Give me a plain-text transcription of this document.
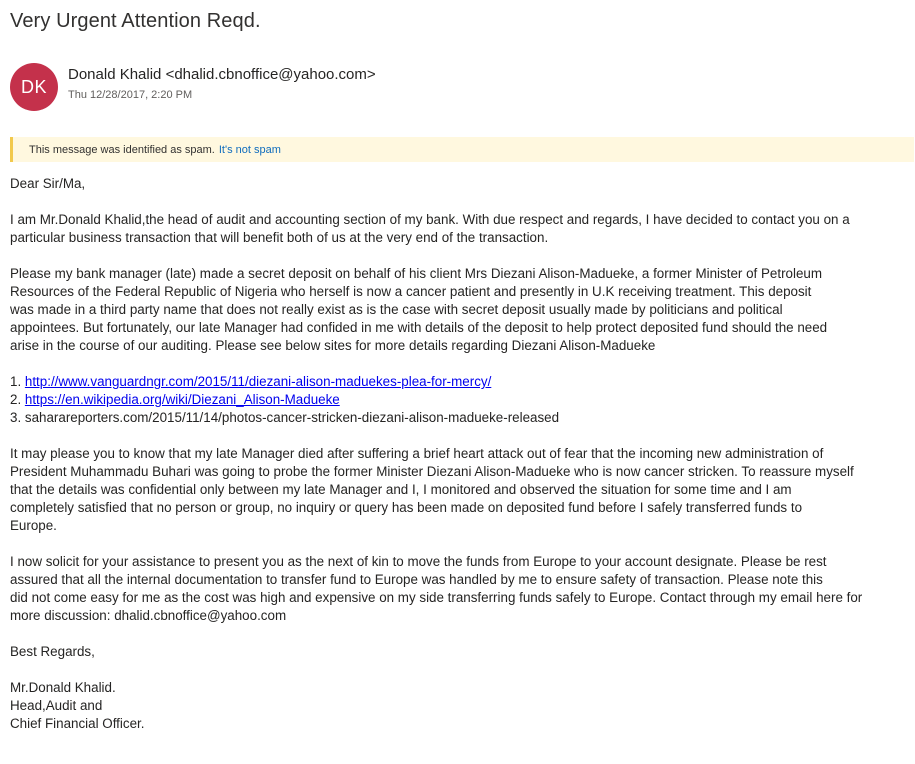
Very Urgent Attention Reqd.
DK
Donald Khalid <dhalid.cbnoffice@yahoo.com>
Thu 12/28/2017, 2:20 PM
This message was identified as spam. It's not spam

Dear Sir/Ma,

I am Mr.Donald Khalid,the head of audit and accounting section of my bank. With due respect and regards, I have decided to contact you on a

particular business transaction that will benefit both of us at the very end of the transaction.

Please my bank manager (late) made a secret deposit on behalf of his client Mrs Diezani Alison-Madueke, a former Minister of Petroleum

Resources of the Federal Republic of Nigeria who herself is now a cancer patient and presently in U.K receiving treatment. This deposit

was made in a third party name that does not really exist as is the case with secret deposit usually made by politicians and political

appointees. But fortunately, our late Manager had confided in me with details of the deposit to help protect deposited fund should the need

arise in the course of our auditing. Please see below sites for more details regarding Diezani Alison-Madueke

1. http://www.vanguardngr.com/2015/11/diezani-alison-maduekes-plea-for-mercy/

2. https://en.wikipedia.org/wiki/Diezani_Alison-Madueke

3. saharareporters.com/2015/11/14/photos-cancer-stricken-diezani-alison-madueke-released

It may please you to know that my late Manager died after suffering a brief heart attack out of fear that the incoming new administration of

President Muhammadu Buhari was going to probe the former Minister Diezani Alison-Madueke who is now cancer stricken. To reassure myself

that the details was confidential only between my late Manager and I, I monitored and observed the situation for some time and I am

completely satisfied that no person or group, no inquiry or query has been made on deposited fund before I safely transferred funds to

Europe.

I now solicit for your assistance to present you as the next of kin to move the funds from Europe to your account designate. Please be rest

assured that all the internal documentation to transfer fund to Europe was handled by me to ensure safety of transaction. Please note this

did not come easy for me as the cost was high and expensive on my side transferring funds safely to Europe. Contact through my email here for

more discussion: dhalid.cbnoffice@yahoo.com

Best Regards,

Mr.Donald Khalid.

Head,Audit and

Chief Financial Officer.
